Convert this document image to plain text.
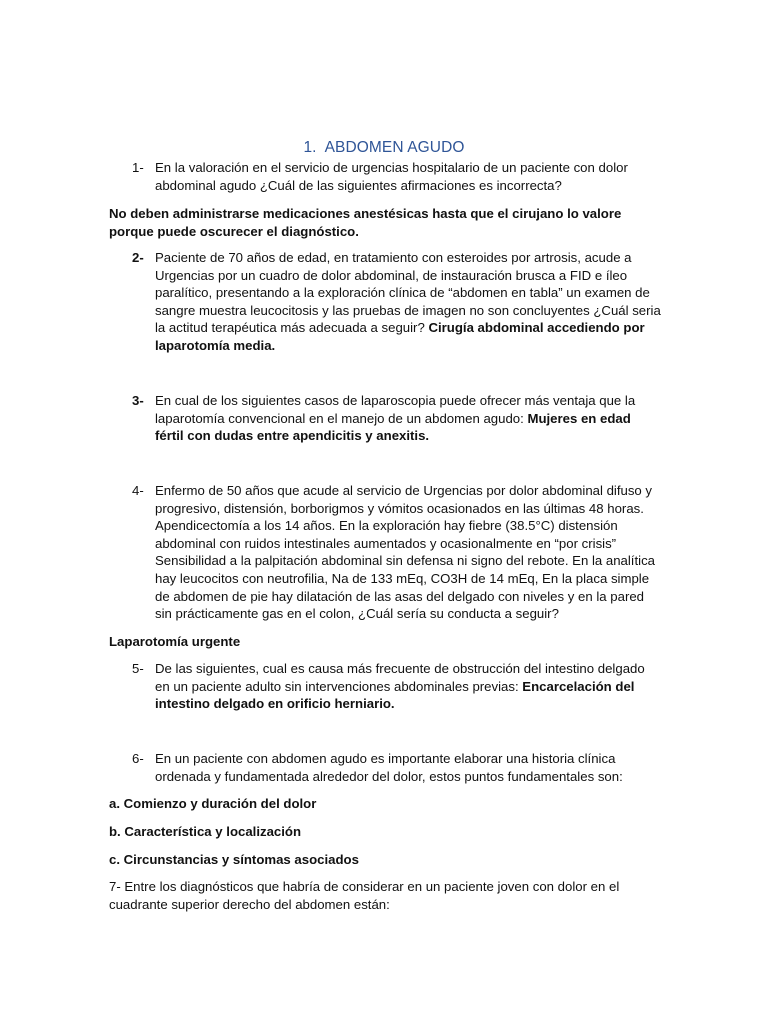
1. ABDOMEN AGUDO
1- En la valoración en el servicio de urgencias hospitalario de un paciente con dolor abdominal agudo ¿Cuál de las siguientes afirmaciones es incorrecta?
No deben administrarse medicaciones anestésicas hasta que el cirujano lo valore porque puede oscurecer el diagnóstico.
2- Paciente de 70 años de edad, en tratamiento con esteroides por artrosis, acude a Urgencias por un cuadro de dolor abdominal, de instauración brusca a FID e íleo paralítico, presentando a la exploración clínica de “abdomen en tabla” un examen de sangre muestra leucocitosis y las pruebas de imagen no son concluyentes ¿Cuál seria la actitud terapéutica más adecuada a seguir? Cirugía abdominal accediendo por laparotomía media.
3- En cual de los siguientes casos de laparoscopia puede ofrecer más ventaja que la laparotomía convencional en el manejo de un abdomen agudo: Mujeres en edad fértil con dudas entre apendicitis y anexitis.
4- Enfermo de 50 años que acude al servicio de Urgencias por dolor abdominal difuso y progresivo, distensión, borborigmos y vómitos ocasionados en las últimas 48 horas. Apendicectomía a los 14 años. En la exploración hay fiebre (38.5°C) distensión abdominal con ruidos intestinales aumentados y ocasionalmente en “por crisis” Sensibilidad a la palpitación abdominal sin defensa ni signo del rebote. En la analítica hay leucocitos con neutrofilia, Na de 133 mEq, CO3H de 14 mEq, En la placa simple de abdomen de pie hay dilatación de las asas del delgado con niveles y en la pared sin prácticamente gas en el colon, ¿Cuál sería su conducta a seguir?
Laparotomía urgente
5- De las siguientes, cual es causa más frecuente de obstrucción del intestino delgado en un paciente adulto sin intervenciones abdominales previas: Encarcelación del intestino delgado en orificio herniario.
6- En un paciente con abdomen agudo es importante elaborar una historia clínica ordenada y fundamentada alrededor del dolor, estos puntos fundamentales son:
a. Comienzo y duración del dolor
b. Característica y localización
c. Circunstancias y síntomas asociados
7- Entre los diagnósticos que habría de considerar en un paciente joven con dolor en el cuadrante superior derecho del abdomen están:
